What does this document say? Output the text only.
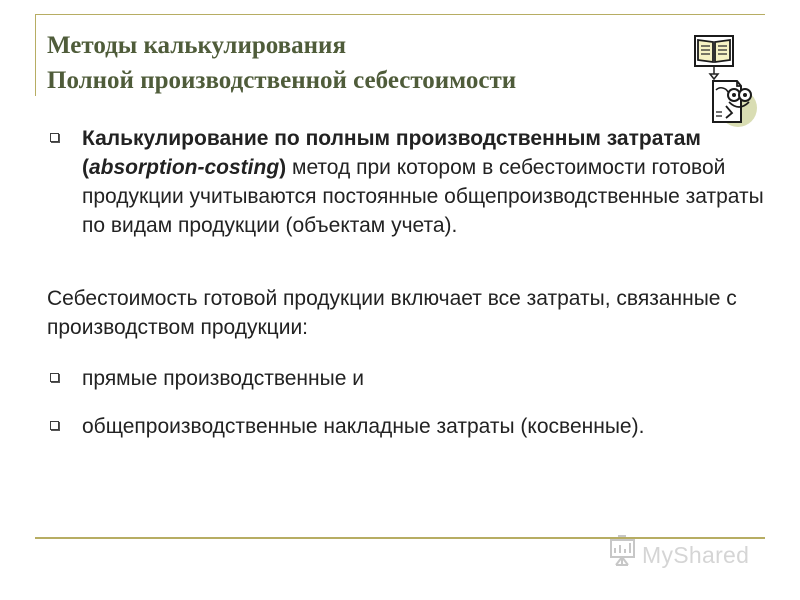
Методы калькулирования
Полной производственной себестоимости
Калькулирование по полным производственным затратам (absorption-costing) метод при котором в себестоимости готовой продукции учитываются постоянные общепроизводственные затраты по видам продукции (объектам учета).
Себестоимость готовой продукции включает все затраты, связанные с производством продукции:
прямые производственные и
общепроизводственные накладные затраты (косвенные).
MyShared
